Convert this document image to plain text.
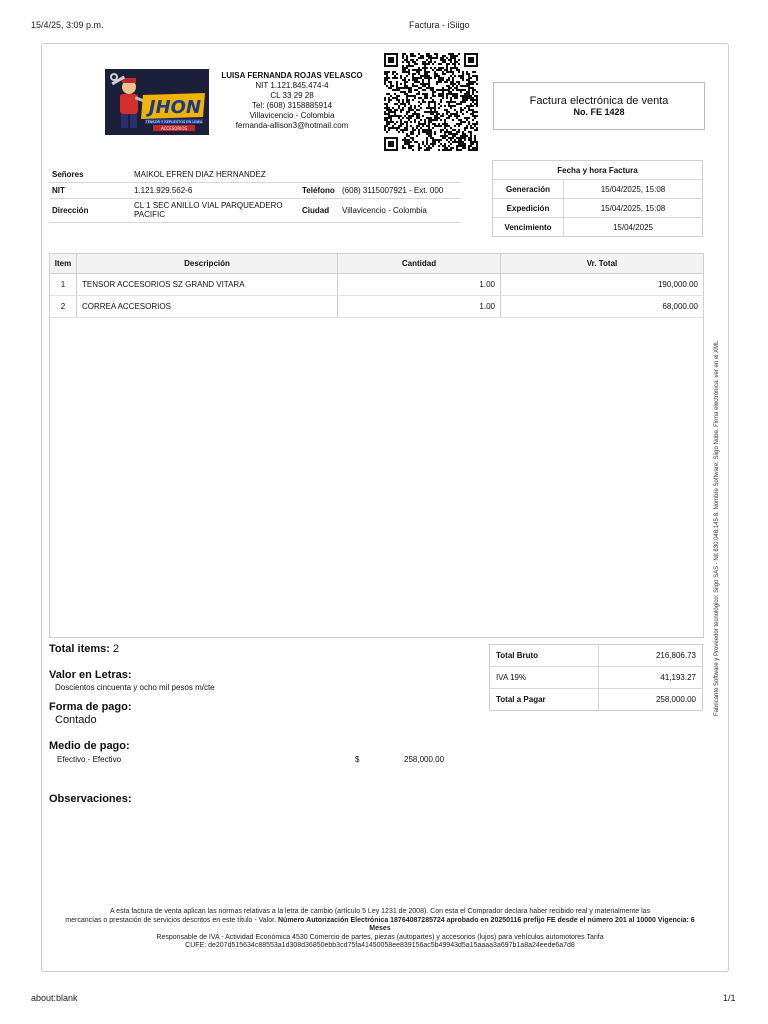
15/4/25, 3:09 p.m.	Factura - iSiigo
JHON
TENSOR Y REPUESTOS EN LINEA
ACCESORIOS
LUISA FERNANDA ROJAS VELASCO
NIT 1.121.845.474-4
CL 33 29 28
Tel: (608) 3158885914
Villavicencio - Colombia
fernanda-allison3@hotmail.com
Factura electrónica de venta
No. FE 1428
Señores	MAIKOL EFREN DIAZ HERNANDEZ		
NIT	1.121.929.562-6	Teléfono	(608) 3115007921 - Ext. 000
Dirección	CL 1 SEC ANILLO VIAL PARQUEADERO PACIFIC	Ciudad	Villavicencio - Colombia
Fecha y hora Factura	
Generación	15/04/2025, 15:08
Expedición	15/04/2025, 15:08
Vencimiento	15/04/2025
Item	Descripción	Cantidad	Vr. Total
1	TENSOR ACCESORIOS SZ GRAND VITARA	1.00	190,000.00
2	CORREA ACCESORIOS	1.00	68,000.00
Fabricante Software y Proveedor tecnológico: Siigo SAS - Nit 830.048.145-8. Nombre Software: Siigo Nube. Firma electrónica: ver en el XML
Total items: 2
Valor en Letras:
Doscientos cincuenta y ocho mil pesos m/cte
Forma de pago:
Contado
Medio de pago:
Efectivo - Efectivo	$	258,000.00
Observaciones:
Total Bruto	216,806.73
IVA 19%	41,193.27
Total a Pagar	258,000.00
A esta factura de venta aplican las normas relativas a la letra de cambio (artículo 5 Ley 1231 de 2008). Con esta el Comprador declara haber recibido real y materialmente las
mercancías o prestación de servicios descritos en este título - Valor. Número Autorización Electrónica 18764087285724 aprobado en 20250116 prefijo FE desde el número 201 al 10000 Vigencia: 6 Meses
Responsable de IVA - Actividad Económica 4530 Comercio de partes, piezas (autopartes) y accesorios (lujos) para vehículos automotores Tarifa
CUFE: de207d515634c88553a1d308d36850ebb3cd75fa41450058ee839156ac5b49943d5a15aaaa3a697b1a8a24eede6a7d8
about:blank	1/1
